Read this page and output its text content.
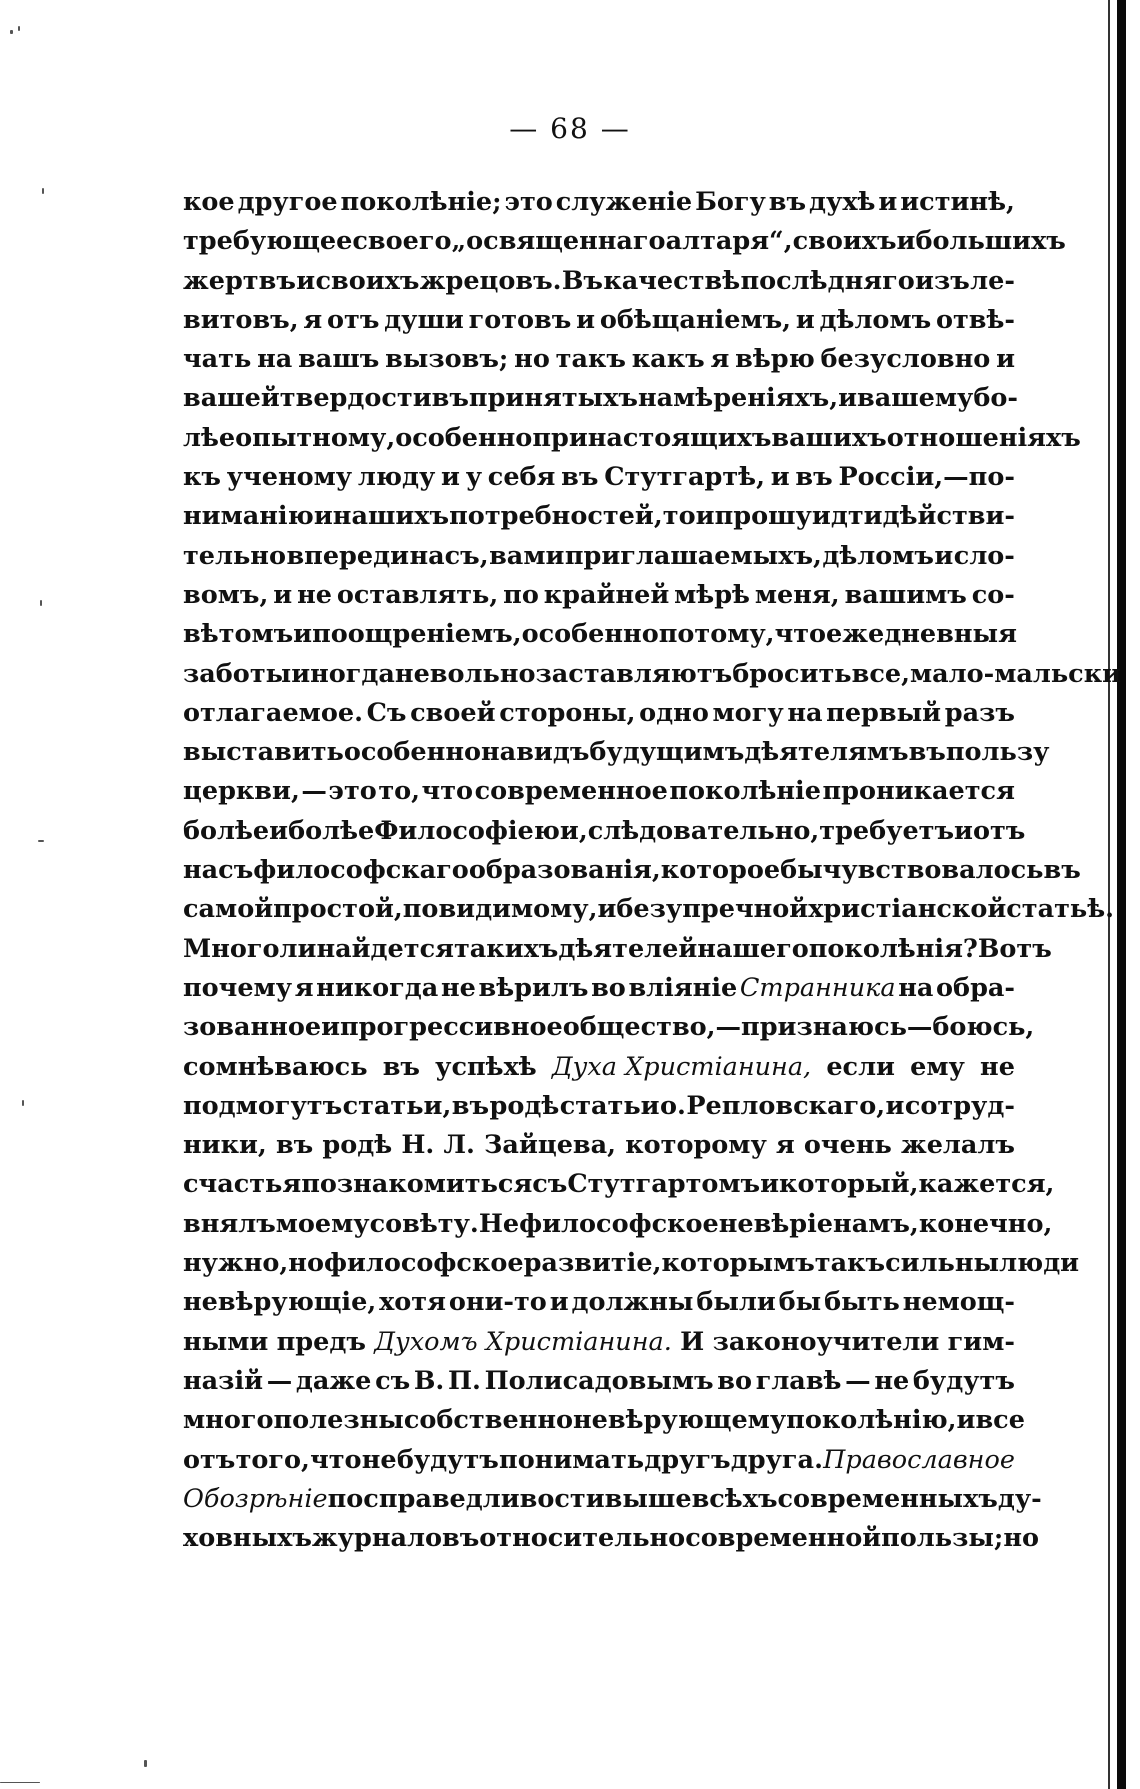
— 68 —
кое другое поколѣніе; это служеніе Богу въ духѣ и истинѣ,
требующее своего „освященнаго алтаря“, своихъ и большихъ
жертвъ и своихъ жрецовъ. Въ качествѣ послѣдняго изъ ле-
витовъ, я отъ души готовъ и обѣщаніемъ, и дѣломъ отвѣ-
чать на вашъ вызовъ; но такъ какъ я вѣрю безусловно и
вашей твердости въ принятыхъ намѣреніяхъ, и вашему бо-
лѣе опытному, особенно при настоящихъ вашихъ отношеніяхъ
къ ученому люду и у себя въ Стутгартѣ, и въ Россіи,—по-
ниманію и нашихъ потребностей, то и прошу идти дѣйстви-
тельно впереди насъ, вами приглашаемыхъ, дѣломъ и сло-
вомъ, и не оставлять, по крайней мѣрѣ меня, вашимъ со-
вѣтомъ и поощреніемъ, особенно потому, что ежедневныя
заботы иногда невольно заставляютъ бросить все, мало-мальски
отлагаемое. Съ своей стороны, одно могу на первый разъ
выставить особенно на видъ будущимъ дѣятелямъ въ пользу
церкви, — это то, что современное поколѣніе проникается
болѣе и болѣе Философіею и, слѣдовательно, требуетъ и отъ
насъ философскаго образованія, которое бы чувствовалось въ
самой простой, повидимому, и безупречной христіанской статьѣ.
Много ли найдется такихъ дѣятелей нашего поколѣнія? Вотъ
почему я никогда не вѣрилъ во вліяніе Странника на обра-
зованное и прогрессивное общество, — признаюсь — боюсь,
сомнѣваюсь въ успѣхѣ Духа Христіанина, если ему не
подмогутъ статьи, въ родѣ статьи о. Репловскаго, и сотруд-
ники, въ родѣ Н. Л. Зайцева, которому я очень желалъ
счастья познакомиться съ Стутгартомъ и который, кажется,
внялъ моему совѣту. Не философское невѣріе намъ, конечно,
нужно, но философское развитіе, которымъ такъ сильны люди
невѣрующіе, хотя они-то и должны были бы быть немощ-
ными предъ Духомъ Христіанина. И законоучители гим-
назій — даже съ В. П. Полисадовымъ во главѣ — не будутъ
много полезны собственно невѣрующему поколѣнію, и все
отъ того, что не будутъ понимать другъ друга. Православное
Обозрѣніе по справедливости выше всѣхъ современныхъ ду-
ховныхъ журналовъ относительно современной пользы; но
